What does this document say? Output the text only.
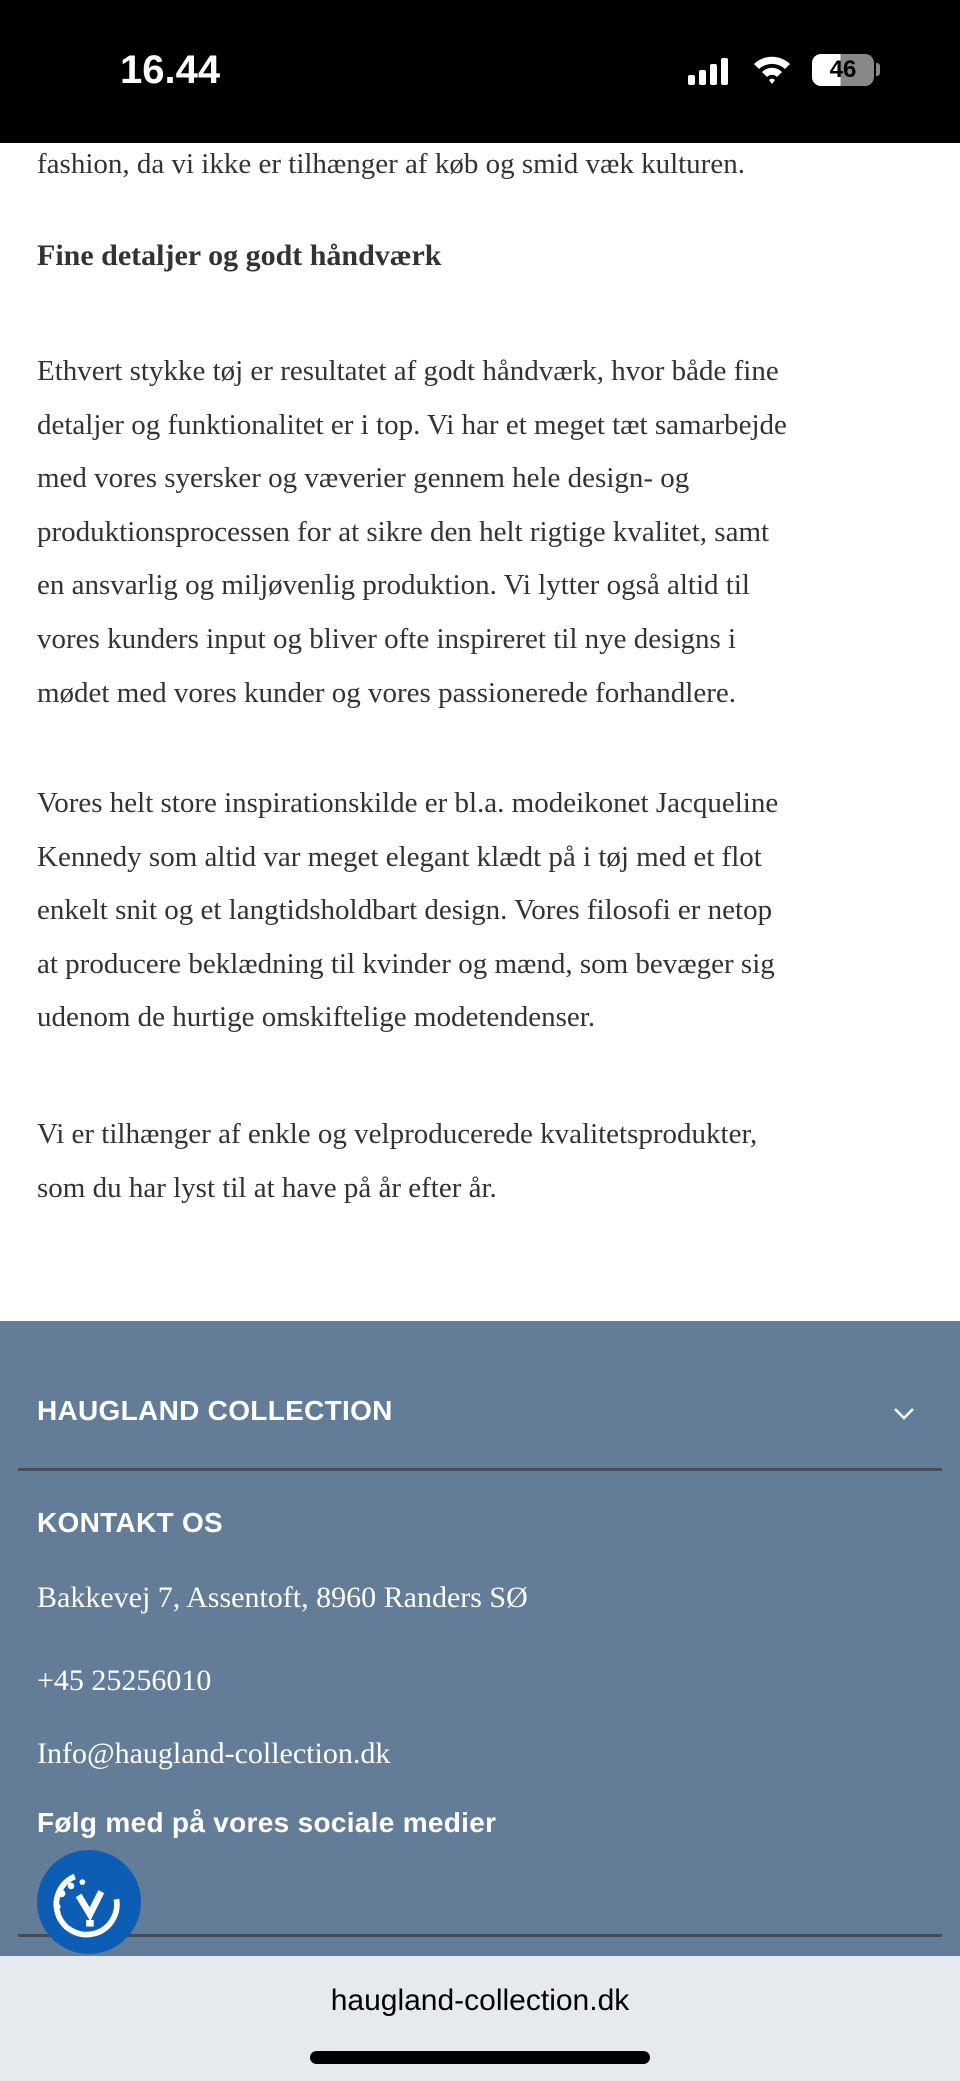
16.44	46
fashion, da vi ikke er tilhænger af køb og smid væk kulturen.
Fine detaljer og godt håndværk
Ethvert stykke tøj er resultatet af godt håndværk, hvor både fine
detaljer og funktionalitet er i top. Vi har et meget tæt samarbejde
med vores syersker og væverier gennem hele design- og
produktionsprocessen for at sikre den helt rigtige kvalitet, samt
en ansvarlig og miljøvenlig produktion. Vi lytter også altid til
vores kunders input og bliver ofte inspireret til nye designs i
mødet med vores kunder og vores passionerede forhandlere.
Vores helt store inspirationskilde er bl.a. modeikonet Jacqueline
Kennedy som altid var meget elegant klædt på i tøj med et flot
enkelt snit og et langtidsholdbart design. Vores filosofi er netop
at producere beklædning til kvinder og mænd, som bevæger sig
udenom de hurtige omskiftelige modetendenser.
Vi er tilhænger af enkle og velproducerede kvalitetsprodukter,
som du har lyst til at have på år efter år.
HAUGLAND COLLECTION
KONTAKT OS
Bakkevej 7, Assentoft, 8960 Randers SØ
+45 25256010
Info@haugland-collection.dk
Følg med på vores sociale medier
haugland-collection.dk
